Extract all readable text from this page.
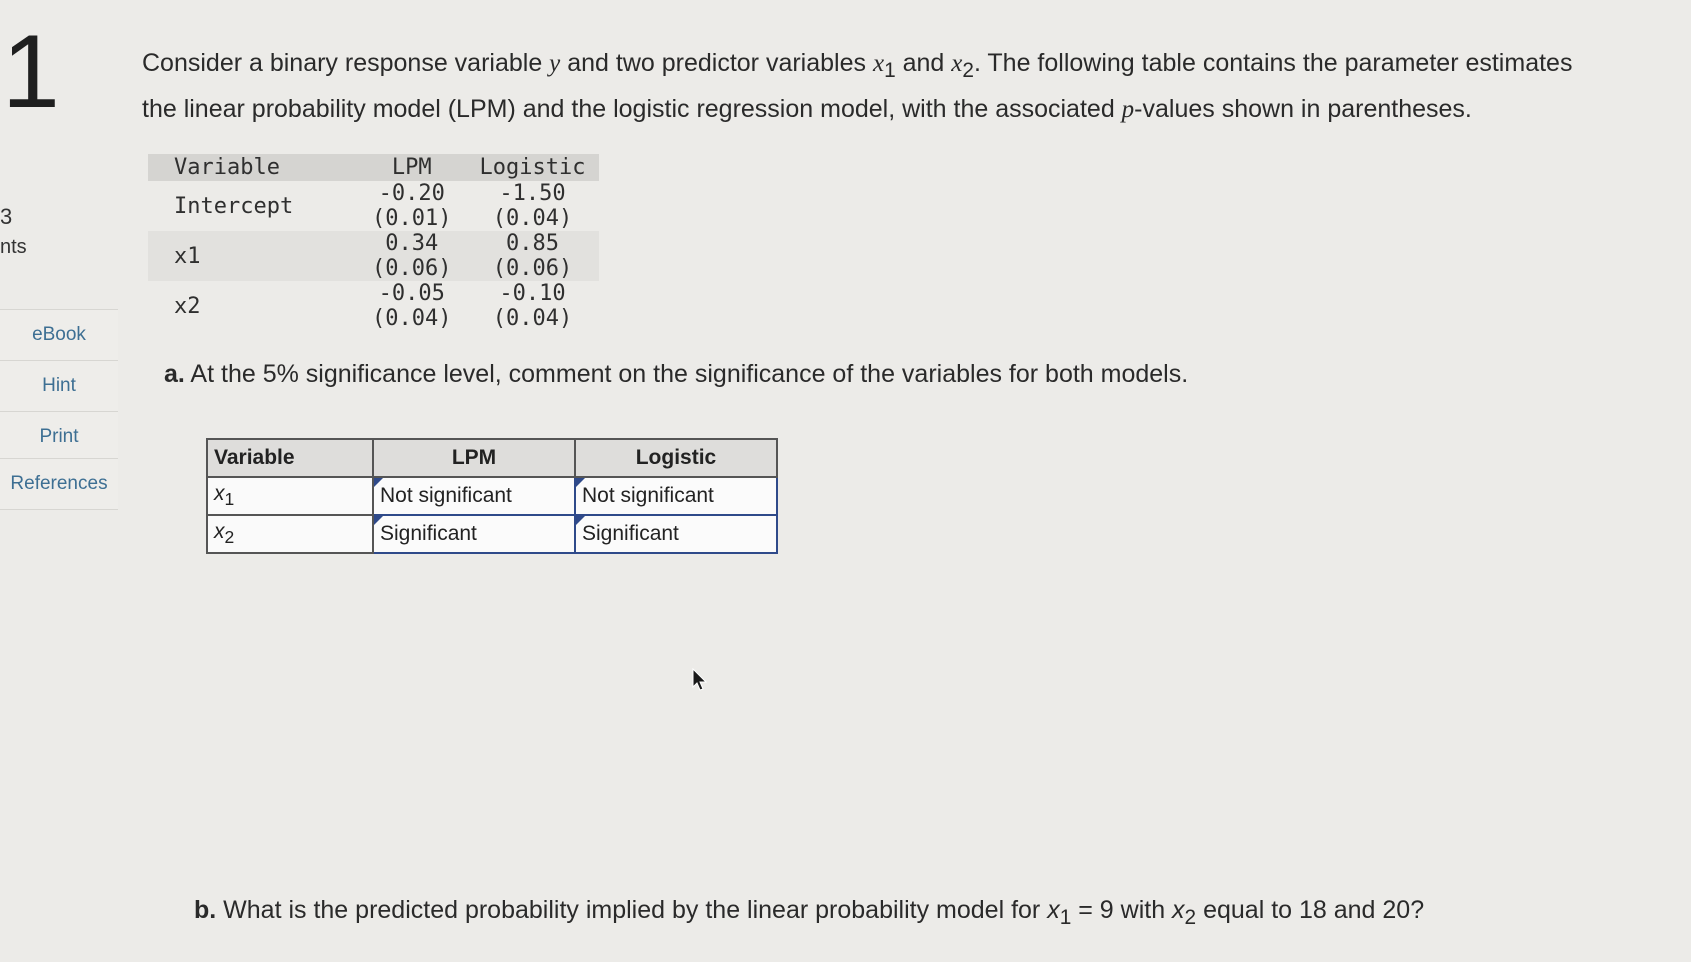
1
3
nts
eBook
Hint
Print
References
Consider a binary response variable y and two predictor variables $x_1$ and $x_2$. The following table contains the parameter estimates
the linear probability model (LPM) and the logistic regression model, with the associated p-values shown in parentheses.
Variable	LPM	Logistic
Intercept	-0.20	-1.50
	(0.01)	(0.04)
x1	0.34	0.85
	(0.06)	(0.06)
x2	-0.05	-0.10
	(0.04)	(0.04)
a. At the 5% significance level, comment on the significance of the variables for both models.
Variable	LPM	Logistic
$x_1$	Not significant	Not significant
$x_2$	Significant	Significant
b. What is the predicted probability implied by the linear probability model for $x_1 = 9$ with $x_2$ equal to 18 and 20?
